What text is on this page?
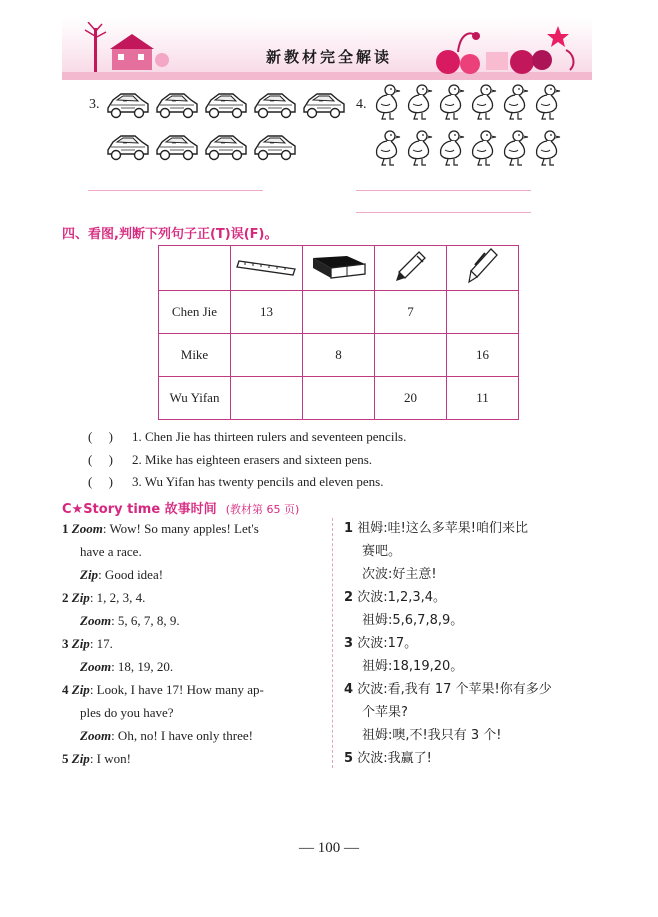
新教材完全解读
3.	4.
四、看图,判断下列句子正(T)误(F)。

Chen Jie	13		7	
Mike		8		16
Wu Yifan			20	11
( ) 1. Chen Jie has thirteen rulers and seventeen pencils.
( ) 2. Mike has eighteen erasers and sixteen pens.
( ) 3. Wu Yifan has twenty pencils and eleven pens.
C★Story time 故事时间 (教材第 65 页)
1 Zoom: Wow! So many apples! Let's
have a race.
Zip: Good idea!
2 Zip: 1, 2, 3, 4.
Zoom: 5, 6, 7, 8, 9.
3 Zip: 17.
Zoom: 18, 19, 20.
4 Zip: Look, I have 17! How many ap-
ples do you have?
Zoom: Oh, no! I have only three!
5 Zip: I won!
1 祖姆:哇!这么多苹果!咱们来比
赛吧。
次波:好主意!
2 次波:1,2,3,4。
祖姆:5,6,7,8,9。
3 次波:17。
祖姆:18,19,20。
4 次波:看,我有 17 个苹果!你有多少
个苹果?
祖姆:噢,不!我只有 3 个!
5 次波:我赢了!
— 100 —
